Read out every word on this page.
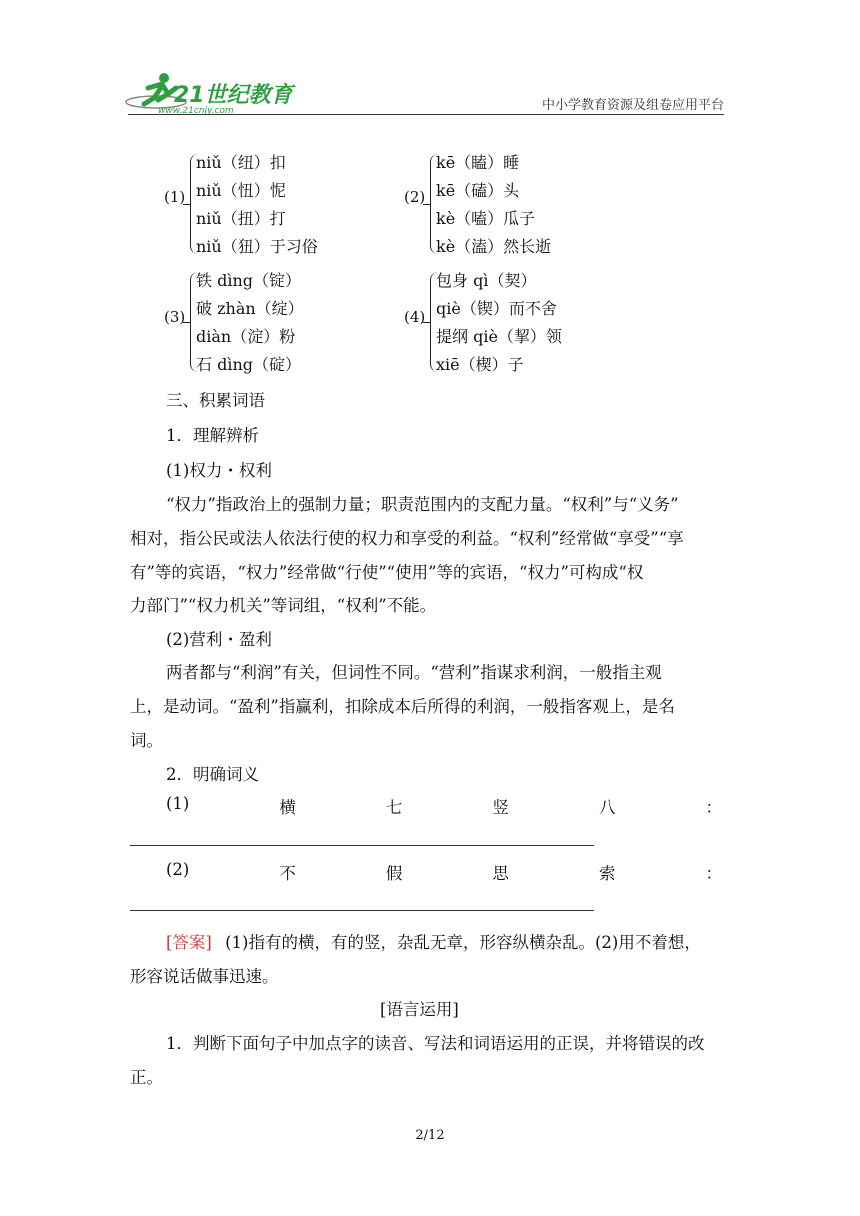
21世纪教育
www.21cnjy.com	中小学教育资源及组卷应用平台
(1)
niǔ（纽）扣
niǔ（忸）怩
niǔ（扭）打
niǔ（狃）于习俗
(2)
kē（瞌）睡
kē（磕）头
kè（嗑）瓜子
kè（溘）然长逝
(3)
铁 dìng（锭）
破 zhàn（绽）
diàn（淀）粉
石 dìng（碇）
(4)
包身 qì（契）
qiè（锲）而不舍
提纲 qiè（挈）领
xiē（楔）子
三、积累词语
1．理解辨析
(1)权力・权利
“权力”指政治上的强制力量；职责范围内的支配力量。“权利”与“义务”
相对，指公民或法人依法行使的权力和享受的利益。“权利”经常做“享受”“享
有”等的宾语，“权力”经常做“行使”“使用”等的宾语，“权力”可构成“权
力部门”“权力机关”等词组，“权利”不能。
(2)营利・盈利
两者都与“利润”有关，但词性不同。“营利”指谋求利润，一般指主观
上，是动词。“盈利”指赢利，扣除成本后所得的利润，一般指客观上，是名
词。
2．明确词义
(1)	横	七	竖	八	：
(2)	不	假	思	索	：
[答案] (1)指有的横，有的竖，杂乱无章，形容纵横杂乱。(2)用不着想，
形容说话做事迅速。
[语言运用]
1．判断下面句子中加点字的读音、写法和词语运用的正误，并将错误的改
正。
2/12
